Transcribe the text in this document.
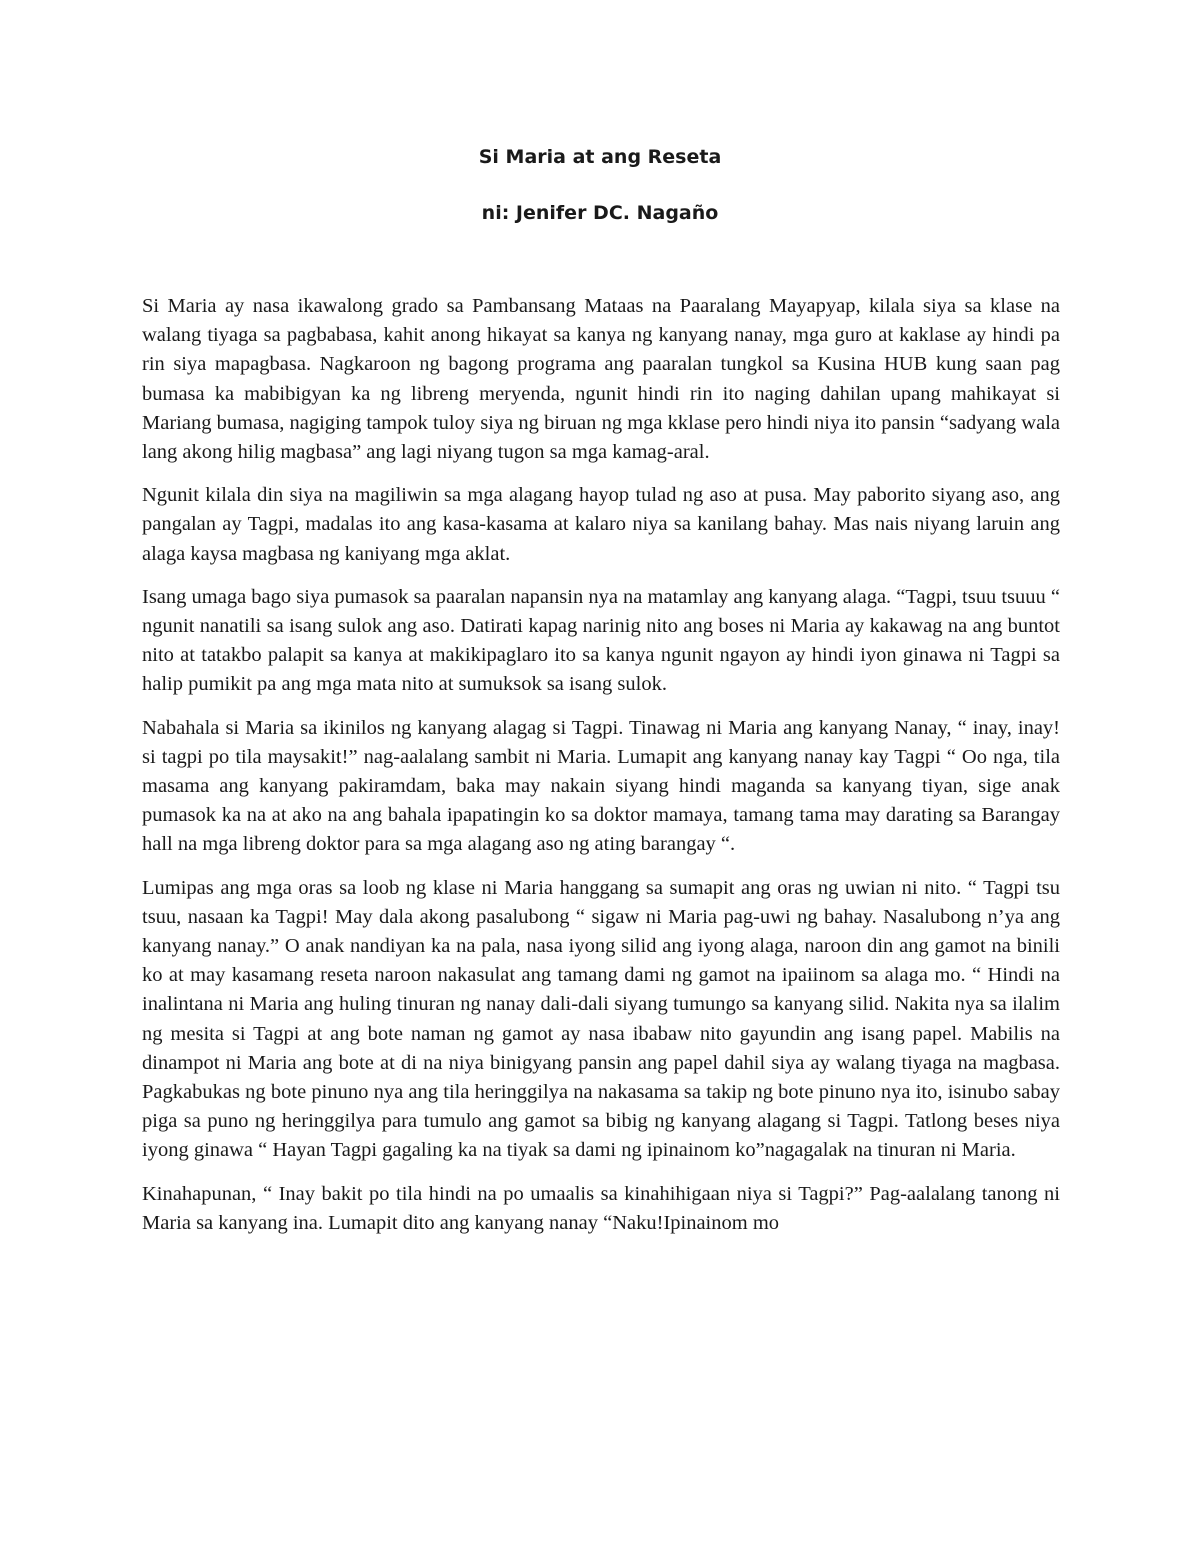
Si Maria at ang Reseta
ni: Jenifer DC. Nagaño

Si Maria ay nasa ikawalong grado sa Pambansang Mataas na Paaralang Mayapyap, kilala siya sa klase na walang tiyaga sa pagbabasa, kahit anong hikayat sa kanya ng kanyang nanay, mga guro at kaklase ay hindi pa rin siya mapagbasa. Nagkaroon ng bagong programa ang paaralan tungkol sa Kusina HUB kung saan pag bumasa ka mabibigyan ka ng libreng meryenda, ngunit hindi rin ito naging dahilan upang mahikayat si Mariang bumasa, nagiging tampok tuloy siya ng biruan ng mga kklase pero hindi niya ito pansin “sadyang wala lang akong hilig magbasa” ang lagi niyang tugon sa mga kamag-aral.

Ngunit kilala din siya na magiliwin sa mga alagang hayop tulad ng aso at pusa. May paborito siyang aso, ang pangalan ay Tagpi, madalas ito ang kasa-kasama at kalaro niya sa kanilang bahay. Mas nais niyang laruin ang alaga kaysa magbasa ng kaniyang mga aklat.

Isang umaga bago siya pumasok sa paaralan napansin nya na matamlay ang kanyang alaga. “Tagpi, tsuu tsuuu “ ngunit nanatili sa isang sulok ang aso. Datirati kapag narinig nito ang boses ni Maria ay kakawag na ang buntot nito at tatakbo palapit sa kanya at makikipaglaro ito sa kanya ngunit ngayon ay hindi iyon ginawa ni Tagpi sa halip pumikit pa ang mga mata nito at sumuksok sa isang sulok.

Nabahala si Maria sa ikinilos ng kanyang alagag si Tagpi. Tinawag ni Maria ang kanyang Nanay, “ inay, inay! si tagpi po tila maysakit!” nag-aalalang sambit ni Maria. Lumapit ang kanyang nanay kay Tagpi “ Oo nga, tila masama ang kanyang pakiramdam, baka may nakain siyang hindi maganda sa kanyang tiyan, sige anak pumasok ka na at ako na ang bahala ipapatingin ko sa doktor mamaya, tamang tama may darating sa Barangay hall na mga libreng doktor para sa mga alagang aso ng ating barangay “.

Lumipas ang mga oras sa loob ng klase ni Maria hanggang sa sumapit ang oras ng uwian ni nito. “ Tagpi tsu tsuu, nasaan ka Tagpi! May dala akong pasalubong “ sigaw ni Maria pag-uwi ng bahay. Nasalubong n’ya ang kanyang nanay.” O anak nandiyan ka na pala, nasa iyong silid ang iyong alaga, naroon din ang gamot na binili ko at may kasamang reseta naroon nakasulat ang tamang dami ng gamot na ipaiinom sa alaga mo. “ Hindi na inalintana ni Maria ang huling tinuran ng nanay dali-dali siyang tumungo sa kanyang silid. Nakita nya sa ilalim ng mesita si Tagpi at ang bote naman ng gamot ay nasa ibabaw nito gayundin ang isang papel. Mabilis na dinampot ni Maria ang bote at di na niya binigyang pansin ang papel dahil siya ay walang tiyaga na magbasa. Pagkabukas ng bote pinuno nya ang tila heringgilya na nakasama sa takip ng bote pinuno nya ito, isinubo sabay piga sa puno ng heringgilya para tumulo ang gamot sa bibig ng kanyang alagang si Tagpi. Tatlong beses niya iyong ginawa “ Hayan Tagpi gagaling ka na tiyak sa dami ng ipinainom ko”nagagalak na tinuran ni Maria.

Kinahapunan, “ Inay bakit po tila hindi na po umaalis sa kinahihigaan niya si Tagpi?” Pag-aalalang tanong ni Maria sa kanyang ina. Lumapit dito ang kanyang nanay “Naku!Ipinainom mo
